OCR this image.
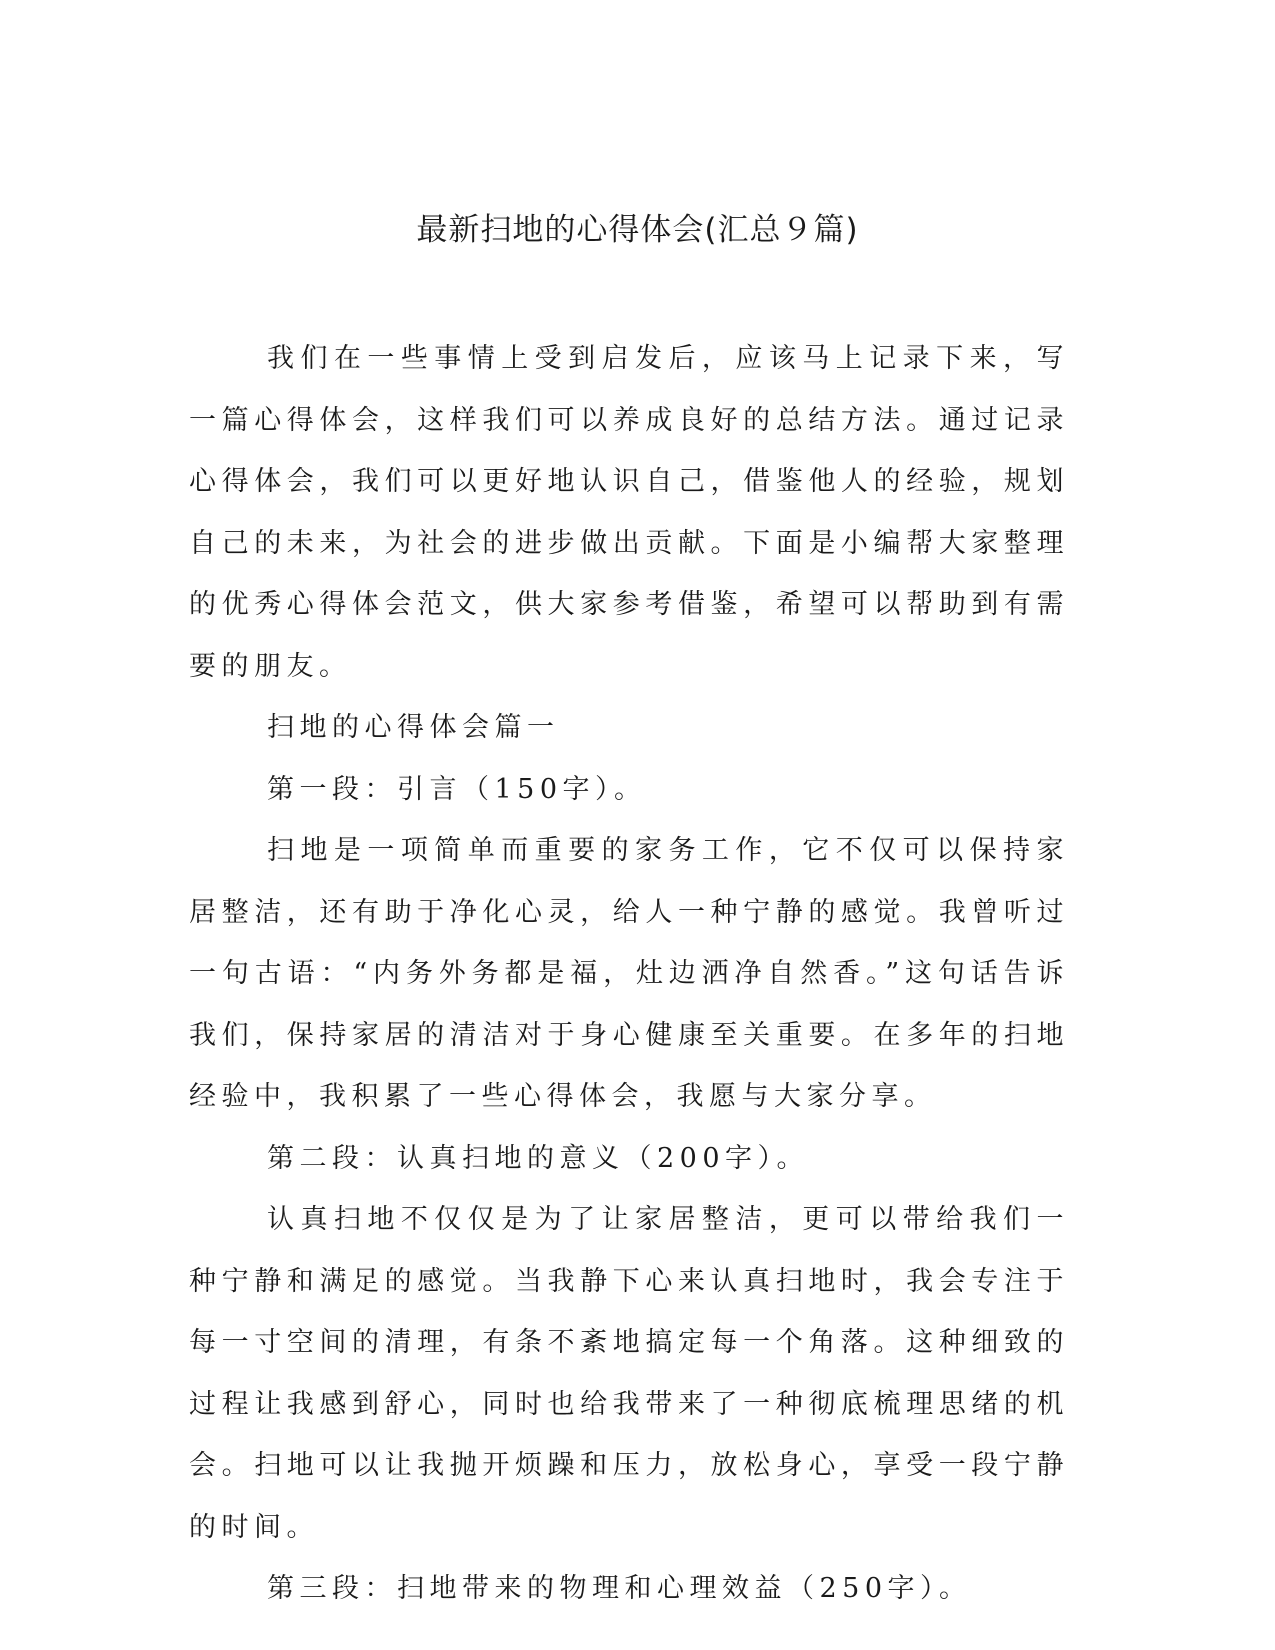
最新扫地的心得体会(汇总９篇)

我们在一些事情上受到启发后，应该马上记录下来，写一篇心得体会，这样我们可以养成良好的总结方法。通过记录心得体会，我们可以更好地认识自己，借鉴他人的经验，规划自己的未来，为社会的进步做出贡献。下面是小编帮大家整理的优秀心得体会范文，供大家参考借鉴，希望可以帮助到有需要的朋友。

扫地的心得体会篇一

第一段：引言（150字）。

扫地是一项简单而重要的家务工作，它不仅可以保持家居整洁，还有助于净化心灵，给人一种宁静的感觉。我曾听过一句古语：“内务外务都是福，灶边洒净自然香。”这句话告诉我们，保持家居的清洁对于身心健康至关重要。在多年的扫地经验中，我积累了一些心得体会，我愿与大家分享。

第二段：认真扫地的意义（200字）。

认真扫地不仅仅是为了让家居整洁，更可以带给我们一种宁静和满足的感觉。当我静下心来认真扫地时，我会专注于每一寸空间的清理，有条不紊地搞定每一个角落。这种细致的过程让我感到舒心，同时也给我带来了一种彻底梳理思绪的机会。扫地可以让我抛开烦躁和压力，放松身心，享受一段宁静的时间。

第三段：扫地带来的物理和心理效益（250字）。
